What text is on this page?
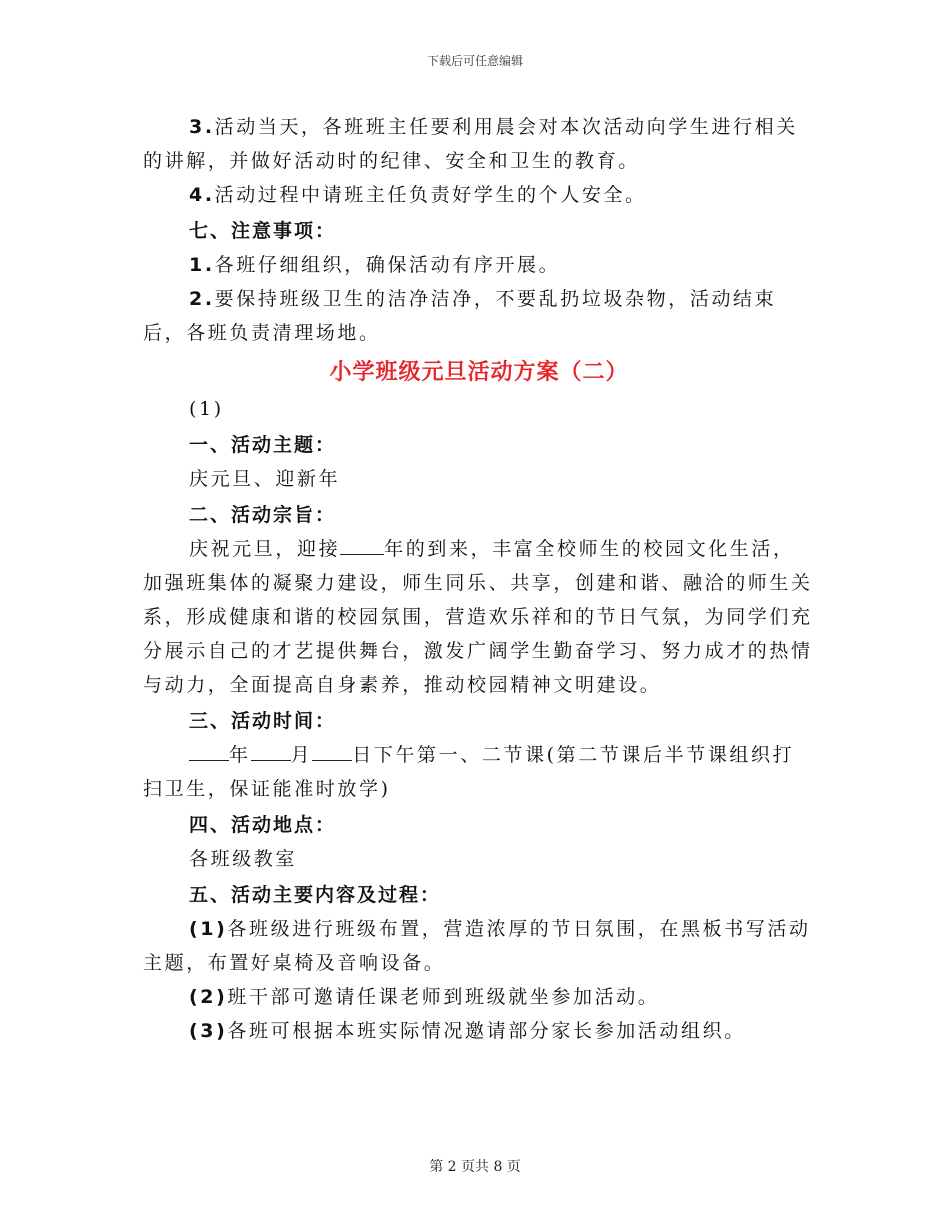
下载后可任意编辑

3.活动当天，各班班主任要利用晨会对本次活动向学生进行相关的讲解，并做好活动时的纪律、安全和卫生的教育。

4.活动过程中请班主任负责好学生的个人安全。

七、注意事项：

1.各班仔细组织，确保活动有序开展。

2.要保持班级卫生的洁净洁净，不要乱扔垃圾杂物，活动结束后，各班负责清理场地。

小学班级元旦活动方案（二）

(1)

一、活动主题：

庆元旦、迎新年

二、活动宗旨：

庆祝元旦，迎接 年的到来，丰富全校师生的校园文化生活，加强班集体的凝聚力建设，师生同乐、共享，创建和谐、融洽的师生关系，形成健康和谐的校园氛围，营造欢乐祥和的节日气氛，为同学们充分展示自己的才艺提供舞台，激发广阔学生勤奋学习、努力成才的热情与动力，全面提高自身素养，推动校园精神文明建设。

三、活动时间：

年 月 日下午第一、二节课(第二节课后半节课组织打扫卫生，保证能准时放学)

四、活动地点：

各班级教室

五、活动主要内容及过程：

(1)各班级进行班级布置，营造浓厚的节日氛围，在黑板书写活动主题，布置好桌椅及音响设备。

(2)班干部可邀请任课老师到班级就坐参加活动。

(3)各班可根据本班实际情况邀请部分家长参加活动组织。

第 2 页共 8 页
